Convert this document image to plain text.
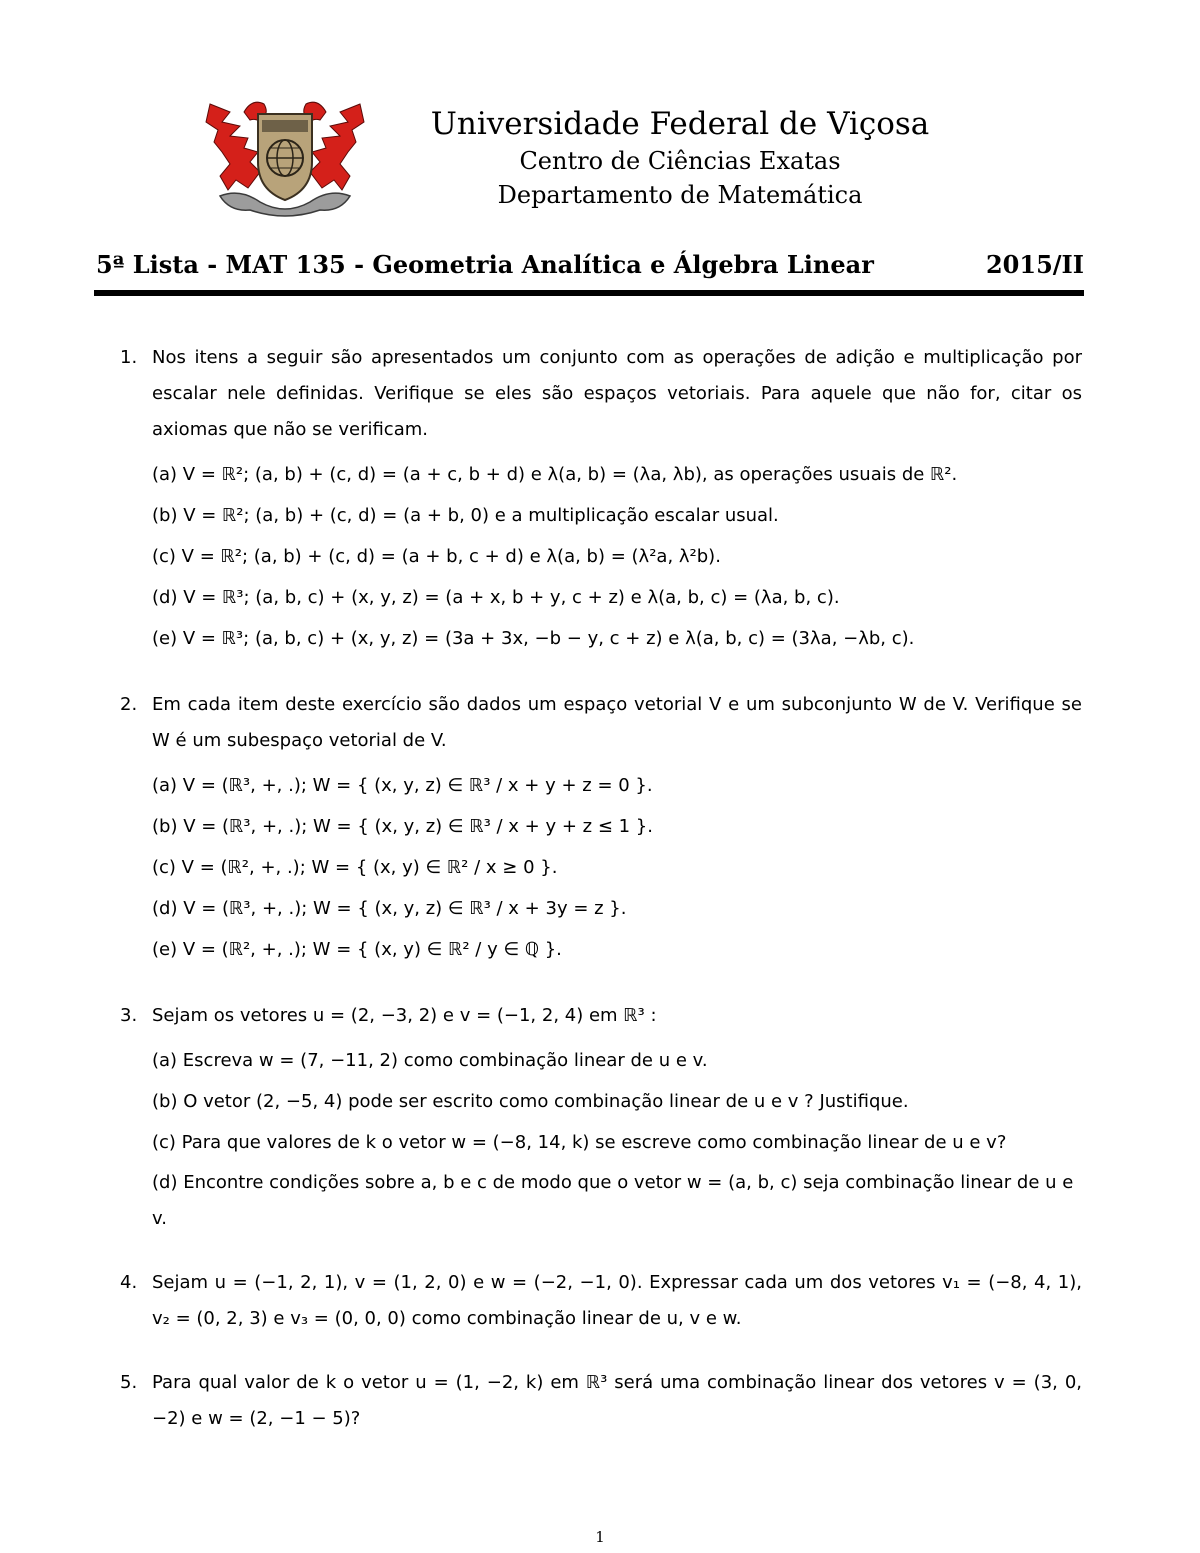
Universidade Federal de Viçosa
Centro de Ciências Exatas
Departamento de Matemática
5ª Lista - MAT 135 - Geometria Analítica e Álgebra Linear	2015/II
1. Nos itens a seguir são apresentados um conjunto com as operações de adição e multiplicação por escalar nele definidas. Verifique se eles são espaços vetoriais. Para aquele que não for, citar os axiomas que não se verificam.
(a) V = ℝ²; (a, b) + (c, d) = (a + c, b + d) e λ(a, b) = (λa, λb), as operações usuais de ℝ².
(b) V = ℝ²; (a, b) + (c, d) = (a + b, 0) e a multiplicação escalar usual.
(c) V = ℝ²; (a, b) + (c, d) = (a + b, c + d) e λ(a, b) = (λ²a, λ²b).
(d) V = ℝ³; (a, b, c) + (x, y, z) = (a + x, b + y, c + z) e λ(a, b, c) = (λa, b, c).
(e) V = ℝ³; (a, b, c) + (x, y, z) = (3a + 3x, −b − y, c + z) e λ(a, b, c) = (3λa, −λb, c).
2. Em cada item deste exercício são dados um espaço vetorial V e um subconjunto W de V. Verifique se W é um subespaço vetorial de V.
(a) V = (ℝ³, +, .); W = { (x, y, z) ∈ ℝ³ / x + y + z = 0 }.
(b) V = (ℝ³, +, .); W = { (x, y, z) ∈ ℝ³ / x + y + z ≤ 1 }.
(c) V = (ℝ², +, .); W = { (x, y) ∈ ℝ² / x ≥ 0 }.
(d) V = (ℝ³, +, .); W = { (x, y, z) ∈ ℝ³ / x + 3y = z }.
(e) V = (ℝ², +, .); W = { (x, y) ∈ ℝ² / y ∈ ℚ }.
3. Sejam os vetores u = (2, −3, 2) e v = (−1, 2, 4) em ℝ³ :
(a) Escreva w = (7, −11, 2) como combinação linear de u e v.
(b) O vetor (2, −5, 4) pode ser escrito como combinação linear de u e v ? Justifique.
(c) Para que valores de k o vetor w = (−8, 14, k) se escreve como combinação linear de u e v?
(d) Encontre condições sobre a, b e c de modo que o vetor w = (a, b, c) seja combinação linear de u e v.
4. Sejam u = (−1, 2, 1), v = (1, 2, 0) e w = (−2, −1, 0). Expressar cada um dos vetores v₁ = (−8, 4, 1), v₂ = (0, 2, 3) e v₃ = (0, 0, 0) como combinação linear de u, v e w.
5. Para qual valor de k o vetor u = (1, −2, k) em ℝ³ será uma combinação linear dos vetores v = (3, 0, −2) e w = (2, −1 − 5)?
1
